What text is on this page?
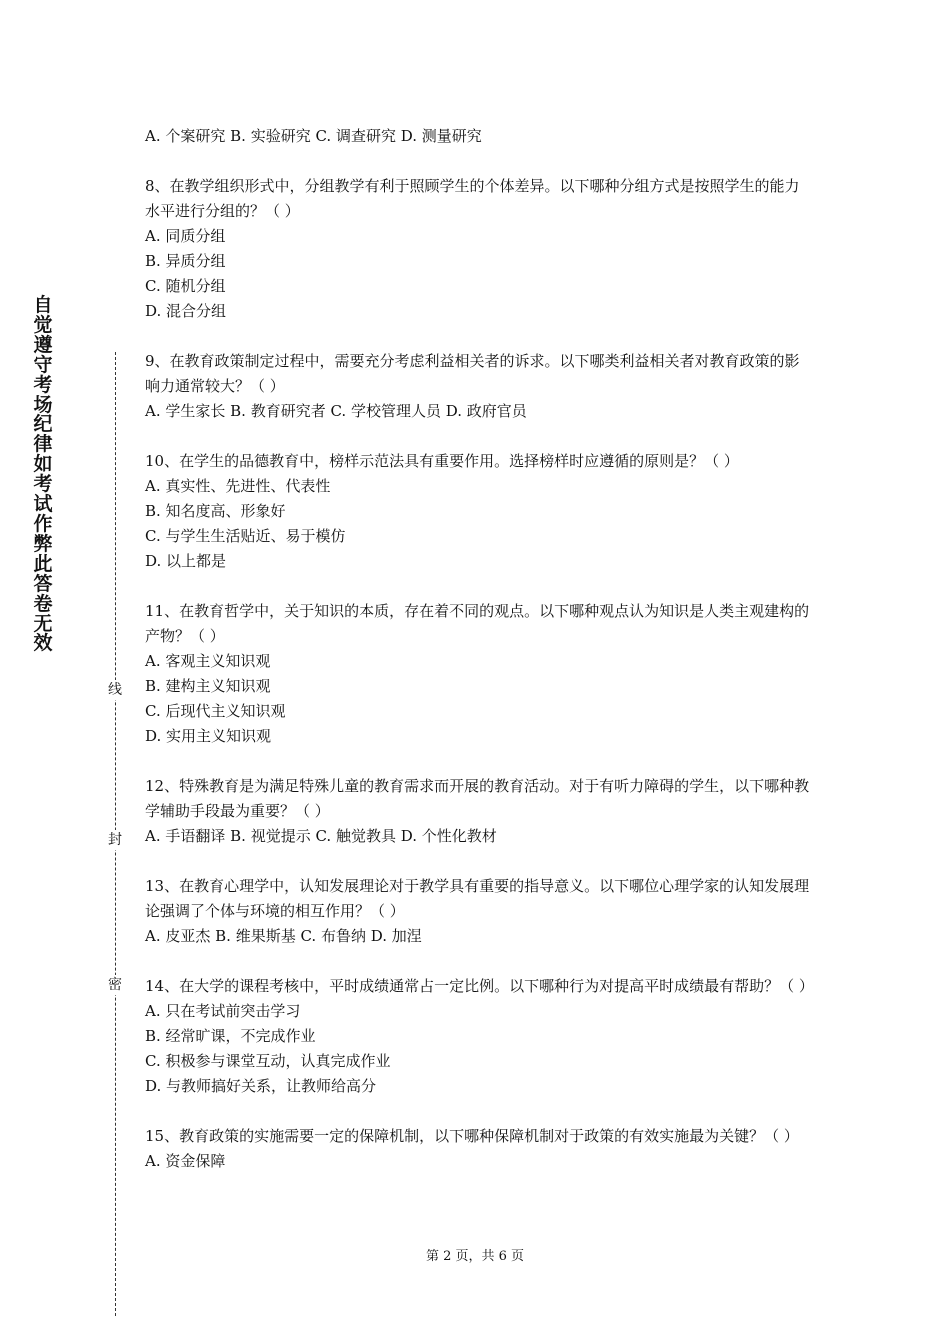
自觉遵守考场纪律如考试作弊此答卷无效
线
封
密

A. 个案研究 B. 实验研究 C. 调查研究 D. 测量研究

8、在教学组织形式中，分组教学有利于照顾学生的个体差异。以下哪种分组方式是按照学生的能力水平进行分组的？（ ）

A. 同质分组

B. 异质分组

C. 随机分组

D. 混合分组

9、在教育政策制定过程中，需要充分考虑利益相关者的诉求。以下哪类利益相关者对教育政策的影响力通常较大？（ ）

A. 学生家长 B. 教育研究者 C. 学校管理人员 D. 政府官员

10、在学生的品德教育中，榜样示范法具有重要作用。选择榜样时应遵循的原则是？（ ）

A. 真实性、先进性、代表性

B. 知名度高、形象好

C. 与学生生活贴近、易于模仿

D. 以上都是

11、在教育哲学中，关于知识的本质，存在着不同的观点。以下哪种观点认为知识是人类主观建构的产物？（ ）

A. 客观主义知识观

B. 建构主义知识观

C. 后现代主义知识观

D. 实用主义知识观

12、特殊教育是为满足特殊儿童的教育需求而开展的教育活动。对于有听力障碍的学生，以下哪种教学辅助手段最为重要？（ ）

A. 手语翻译 B. 视觉提示 C. 触觉教具 D. 个性化教材

13、在教育心理学中，认知发展理论对于教学具有重要的指导意义。以下哪位心理学家的认知发展理论强调了个体与环境的相互作用？（ ）

A. 皮亚杰 B. 维果斯基 C. 布鲁纳 D. 加涅

14、在大学的课程考核中，平时成绩通常占一定比例。以下哪种行为对提高平时成绩最有帮助？（ ）

A. 只在考试前突击学习

B. 经常旷课，不完成作业

C. 积极参与课堂互动，认真完成作业

D. 与教师搞好关系，让教师给高分

15、教育政策的实施需要一定的保障机制，以下哪种保障机制对于政策的有效实施最为关键？（ ）

A. 资金保障

第 2 页，共 6 页
